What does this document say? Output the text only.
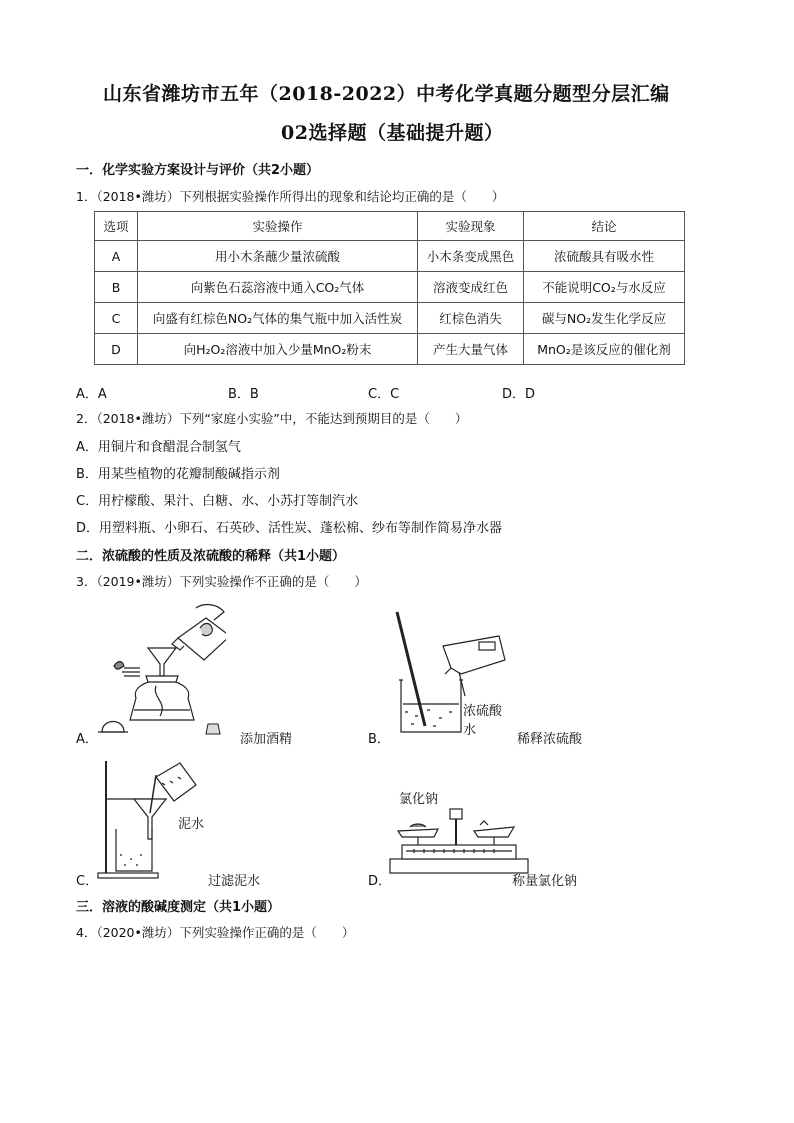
山东省潍坊市五年（2018-2022）中考化学真题分题型分层汇编
02选择题（基础提升题）
一．化学实验方案设计与评价（共2小题）
1．（2018•潍坊）下列根据实验操作所得出的现象和结论均正确的是（　　）
选项	实验操作	实验现象	结论
A	用小木条蘸少量浓硫酸	小木条变成黑色	浓硫酸具有吸水性
B	向紫色石蕊溶液中通入CO₂气体	溶液变成红色	不能说明CO₂与水反应
C	向盛有红棕色NO₂气体的集气瓶中加入活性炭	红棕色消失	碳与NO₂发生化学反应
D	向H₂O₂溶液中加入少量MnO₂粉末	产生大量气体	MnO₂是该反应的催化剂
A．A	B．B	C．C	D．D
2．（2018•潍坊）下列“家庭小实验”中，不能达到预期目的是（　　）
A．用铜片和食醋混合制氢气
B．用某些植物的花瓣制酸碱指示剂
C．用柠檬酸、果汁、白糖、水、小苏打等制汽水
D．用塑料瓶、小卵石、石英砂、活性炭、蓬松棉、纱布等制作简易净水器
二．浓硫酸的性质及浓硫酸的稀释（共1小题）
3．（2019•潍坊）下列实验操作不正确的是（　　）
A．	添加酒精
浓硫酸
水
B．	稀释浓硫酸
泥水
C．	过滤泥水
氯化钠
D．	称量氯化钠
三．溶液的酸碱度测定（共1小题）
4．（2020•潍坊）下列实验操作正确的是（　　）
